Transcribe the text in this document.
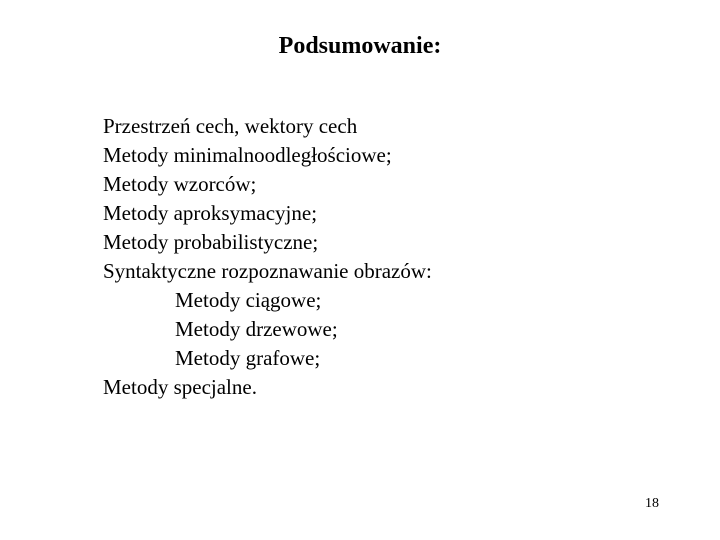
Podsumowanie:
Przestrzeń cech, wektory cech
Metody minimalnoodległościowe;
Metody wzorców;
Metody aproksymacyjne;
Metody probabilistyczne;
Syntaktyczne rozpoznawanie obrazów:
Metody ciągowe;
Metody drzewowe;
Metody grafowe;
Metody specjalne.
18
